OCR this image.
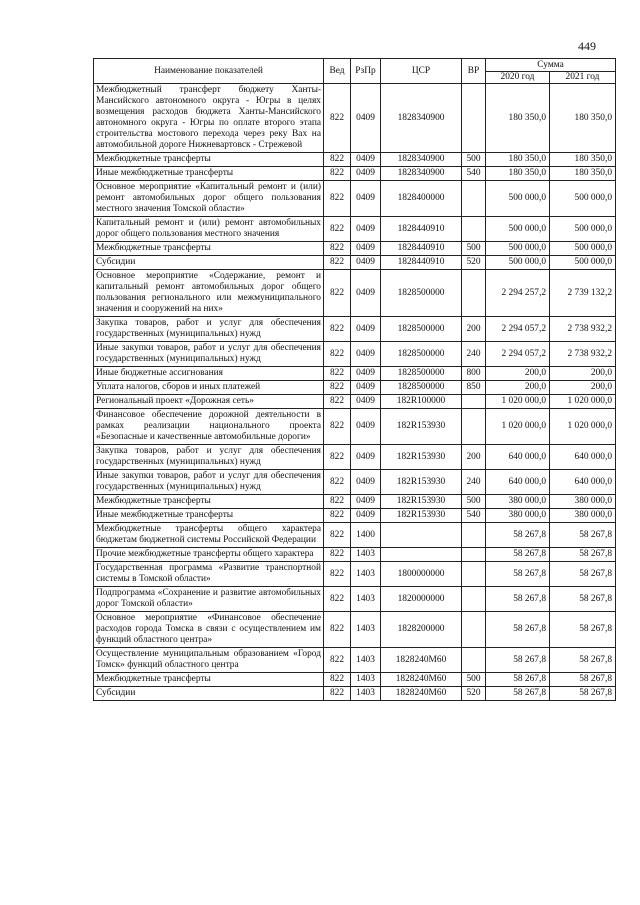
449
Наименование показателей	Вед	РзПр	ЦСР	ВР	Сумма	
					2020 год	2021 год
Межбюджетный трансферт бюджету Ханты-Мансийского автономного округа - Югры в целях возмещения расходов бюджета Ханты-Мансийского автономного округа - Югры по оплате второго этапа строительства мостового перехода через реку Вах на автомобильной дороге Нижневартовск - Стрежевой	822	0409	1828340900		180 350,0	180 350,0
Межбюджетные трансферты	822	0409	1828340900	500	180 350,0	180 350,0
Иные межбюджетные трансферты	822	0409	1828340900	540	180 350,0	180 350,0
Основное мероприятие «Капитальный ремонт и (или) ремонт автомобильных дорог общего пользования местного значения Томской области»	822	0409	1828400000		500 000,0	500 000,0
Капитальный ремонт и (или) ремонт автомобильных дорог общего пользования местного значения	822	0409	1828440910		500 000,0	500 000,0
Межбюджетные трансферты	822	0409	1828440910	500	500 000,0	500 000,0
Субсидии	822	0409	1828440910	520	500 000,0	500 000,0
Основное мероприятие «Содержание, ремонт и капитальный ремонт автомобильных дорог общего пользования регионального или межмуниципального значения и сооружений на них»	822	0409	1828500000		2 294 257,2	2 739 132,2
Закупка товаров, работ и услуг для обеспечения государственных (муниципальных) нужд	822	0409	1828500000	200	2 294 057,2	2 738 932,2
Иные закупки товаров, работ и услуг для обеспечения государственных (муниципальных) нужд	822	0409	1828500000	240	2 294 057,2	2 738 932,2
Иные бюджетные ассигнования	822	0409	1828500000	800	200,0	200,0
Уплата налогов, сборов и иных платежей	822	0409	1828500000	850	200,0	200,0
Региональный проект «Дорожная сеть»	822	0409	182R100000		1 020 000,0	1 020 000,0
Финансовое обеспечение дорожной деятельности в рамках реализации национального проекта «Безопасные и качественные автомобильные дороги»	822	0409	182R153930		1 020 000,0	1 020 000,0
Закупка товаров, работ и услуг для обеспечения государственных (муниципальных) нужд	822	0409	182R153930	200	640 000,0	640 000,0
Иные закупки товаров, работ и услуг для обеспечения государственных (муниципальных) нужд	822	0409	182R153930	240	640 000,0	640 000,0
Межбюджетные трансферты	822	0409	182R153930	500	380 000,0	380 000,0
Иные межбюджетные трансферты	822	0409	182R153930	540	380 000,0	380 000,0
Межбюджетные трансферты общего характера бюджетам бюджетной системы Российской Федерации	822	1400			58 267,8	58 267,8
Прочие межбюджетные трансферты общего характера	822	1403			58 267,8	58 267,8
Государственная программа «Развитие транспортной системы в Томской области»	822	1403	1800000000		58 267,8	58 267,8
Подпрограмма «Сохранение и развитие автомобильных дорог Томской области»	822	1403	1820000000		58 267,8	58 267,8
Основное мероприятие «Финансовое обеспечение расходов города Томска в связи с осуществлением им функций областного центра»	822	1403	1828200000		58 267,8	58 267,8
Осуществление муниципальным образованием «Город Томск» функций областного центра	822	1403	1828240М60		58 267,8	58 267,8
Межбюджетные трансферты	822	1403	1828240М60	500	58 267,8	58 267,8
Субсидии	822	1403	1828240М60	520	58 267,8	58 267,8
